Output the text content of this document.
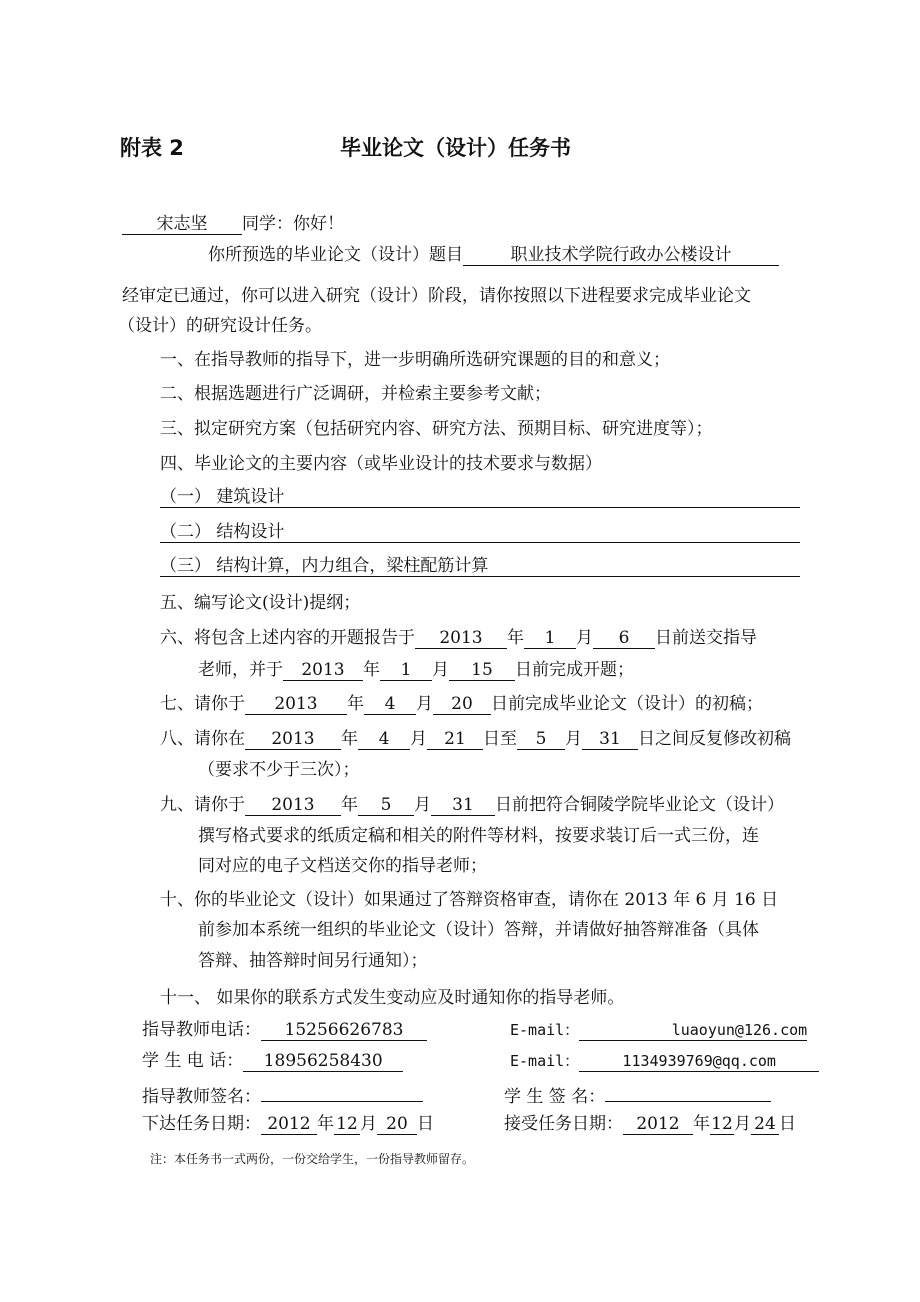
附表 2	毕业论文（设计）任务书
宋志坚 同学：你好！
你所预选的毕业论文（设计）题目	职业技术学院行政办公楼设计
经审定已通过，你可以进入研究（设计）阶段，请你按照以下进程要求完成毕业论文
（设计）的研究设计任务。
一、在指导教师的指导下，进一步明确所选研究课题的目的和意义；
二、根据选题进行广泛调研，并检索主要参考文献；
三、拟定研究方案（包括研究内容、研究方法、预期目标、研究进度等）；
四、毕业论文的主要内容（或毕业设计的技术要求与数据）
（一） 建筑设计
（二） 结构设计
（三） 结构计算，内力组合，梁柱配筋计算
五、编写论文(设计)提纲；
六、将包含上述内容的开题报告于 2013 年 1 月 6 日前送交指导
老师，并于 2013 年 1 月 15 日前完成开题；
七、请你于 2013 年 4 月 20 日前完成毕业论文（设计）的初稿；
八、请你在 2013 年 4 月 21 日至 5 月 31 日之间反复修改初稿
（要求不少于三次）；
九、请你于 2013 年 5 月 31 日前把符合铜陵学院毕业论文（设计）
撰写格式要求的纸质定稿和相关的附件等材料，按要求装订后一式三份，连
同对应的电子文档送交你的指导老师；
十、你的毕业论文（设计）如果通过了答辩资格审查，请你在 2013 年 6 月 16 日
前参加本系统一组织的毕业论文（设计）答辩，并请做好抽答辩准备（具体
答辩、抽答辩时间另行通知）；
十一、 如果你的联系方式发生变动应及时通知你的指导老师。
指导教师电话： 15256626783	E-mail：	luaoyun@126.com
学 生 电 话： 18956258430	E-mail：	1134939769@qq.com
指导教师签名：	学 生 签 名：
下达任务日期： 2012 年 12 月 20 日	接受任务日期： 2012 年12月 24 日
注：本任务书一式两份，一份交给学生，一份指导教师留存。
